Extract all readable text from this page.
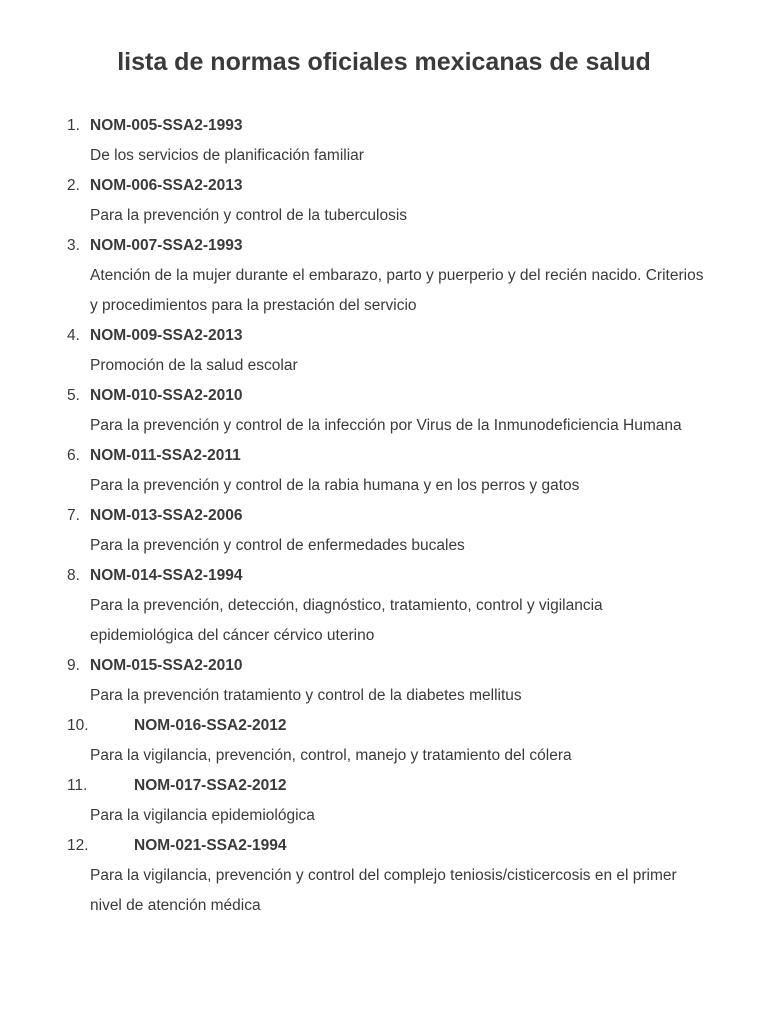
lista de normas oficiales mexicanas de salud
1. NOM-005-SSA2-1993
De los servicios de planificación familiar
2. NOM-006-SSA2-2013
Para la prevención y control de la tuberculosis
3. NOM-007-SSA2-1993
Atención de la mujer durante el embarazo, parto y puerperio y del recién nacido. Criterios y procedimientos para la prestación del servicio
4. NOM-009-SSA2-2013
Promoción de la salud escolar
5. NOM-010-SSA2-2010
Para la prevención y control de la infección por Virus de la Inmunodeficiencia Humana
6. NOM-011-SSA2-2011
Para la prevención y control de la rabia humana y en los perros y gatos
7. NOM-013-SSA2-2006
Para la prevención y control de enfermedades bucales
8. NOM-014-SSA2-1994
Para la prevención, detección, diagnóstico, tratamiento, control y vigilancia epidemiológica del cáncer cérvico uterino
9. NOM-015-SSA2-2010
Para la prevención tratamiento y control de la diabetes mellitus
10.	NOM-016-SSA2-2012
Para la vigilancia, prevención, control, manejo y tratamiento del cólera
11.	NOM-017-SSA2-2012
Para la vigilancia epidemiológica
12.	NOM-021-SSA2-1994
Para la vigilancia, prevención y control del complejo teniosis/cisticercosis en el primer nivel de atención médica
